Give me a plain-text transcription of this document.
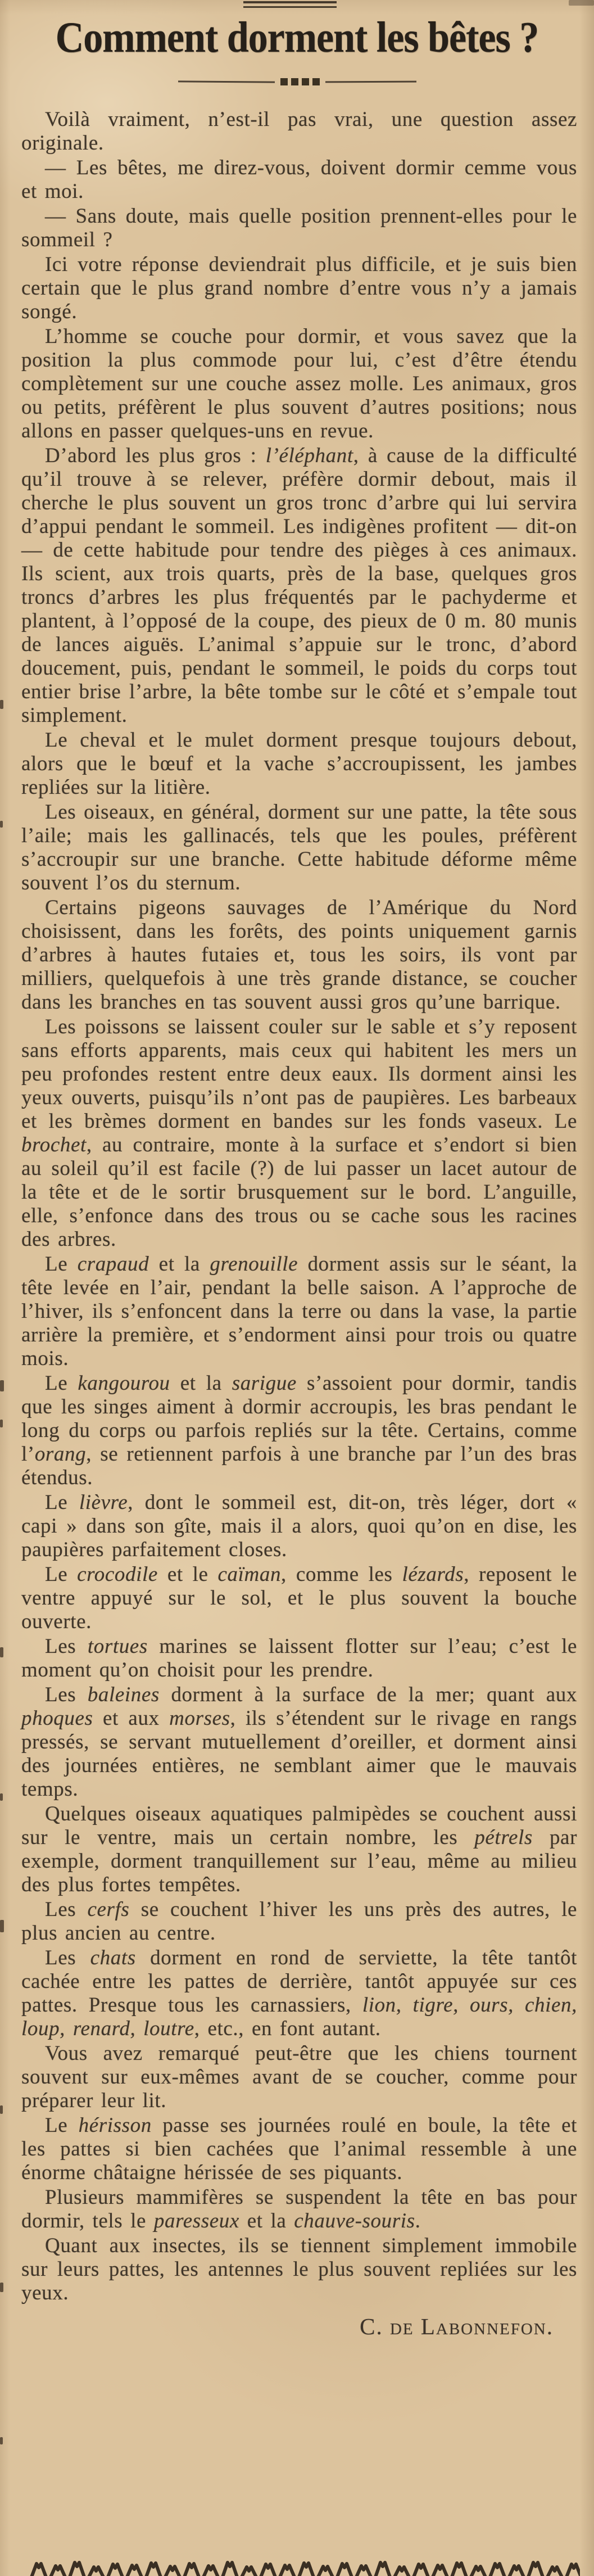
Comment dorment les bêtes ?

Voilà vraiment, n’est-il pas vrai, une question assez originale.

— Les bêtes, me direz-vous, doivent dormir cemme vous et moi.

— Sans doute, mais quelle position prennent-elles pour le sommeil ?

Ici votre réponse deviendrait plus difficile, et je suis bien certain que le plus grand nombre d’entre vous n’y a jamais songé.

L’homme se couche pour dormir, et vous savez que la position la plus commode pour lui, c’est d’être étendu complètement sur une couche assez molle. Les animaux, gros ou petits, préfèrent le plus souvent d’autres positions; nous allons en passer quelques-uns en revue.

D’abord les plus gros : l’éléphant, à cause de la difficulté qu’il trouve à se relever, préfère dormir debout, mais il cherche le plus souvent un gros tronc d’arbre qui lui servira d’appui pendant le sommeil. Les indigènes profitent — dit-on — de cette habitude pour tendre des pièges à ces animaux. Ils scient, aux trois quarts, près de la base, quelques gros troncs d’arbres les plus fréquentés par le pachyderme et plantent, à l’opposé de la coupe, des pieux de 0 m. 80 munis de lances aiguës. L’animal s’appuie sur le tronc, d’abord doucement, puis, pendant le sommeil, le poids du corps tout entier brise l’arbre, la bête tombe sur le côté et s’empale tout simplement.

Le cheval et le mulet dorment presque toujours debout, alors que le bœuf et la vache s’accroupissent, les jambes repliées sur la litière.

Les oiseaux, en général, dorment sur une patte, la tête sous l’aile; mais les gallinacés, tels que les poules, préfèrent s’accroupir sur une branche. Cette habitude déforme même souvent l’os du sternum.

Certains pigeons sauvages de l’Amérique du Nord choisissent, dans les forêts, des points uniquement garnis d’arbres à hautes futaies et, tous les soirs, ils vont par milliers, quelquefois à une très grande distance, se coucher dans les branches en tas souvent aussi gros qu’une barrique.

Les poissons se laissent couler sur le sable et s’y reposent sans efforts apparents, mais ceux qui habitent les mers un peu profondes restent entre deux eaux. Ils dorment ainsi les yeux ouverts, puisqu’ils n’ont pas de paupières. Les barbeaux et les brèmes dorment en bandes sur les fonds vaseux. Le brochet, au contraire, monte à la surface et s’endort si bien au soleil qu’il est facile (?) de lui passer un lacet autour de la tête et de le sortir brusquement sur le bord. L’anguille, elle, s’enfonce dans des trous ou se cache sous les racines des arbres.

Le crapaud et la grenouille dorment assis sur le séant, la tête levée en l’air, pendant la belle saison. A l’approche de l’hiver, ils s’enfoncent dans la terre ou dans la vase, la partie arrière la première, et s’endorment ainsi pour trois ou quatre mois.

Le kangourou et la sarigue s’assoient pour dormir, tandis que les singes aiment à dormir accroupis, les bras pendant le long du corps ou parfois repliés sur la tête. Certains, comme l’orang, se retiennent parfois à une branche par l’un des bras étendus.

Le lièvre, dont le sommeil est, dit-on, très léger, dort « capi » dans son gîte, mais il a alors, quoi qu’on en dise, les paupières parfaitement closes.

Le crocodile et le caïman, comme les lézards, reposent le ventre appuyé sur le sol, et le plus souvent la bouche ouverte.

Les tortues marines se laissent flotter sur l’eau; c’est le moment qu’on choisit pour les prendre.

Les baleines dorment à la surface de la mer; quant aux phoques et aux morses, ils s’étendent sur le rivage en rangs pressés, se servant mutuellement d’oreiller, et dorment ainsi des journées entières, ne semblant aimer que le mauvais temps.

Quelques oiseaux aquatiques palmipèdes se couchent aussi sur le ventre, mais un certain nombre, les pétrels par exemple, dorment tranquillement sur l’eau, même au milieu des plus fortes tempêtes.

Les cerfs se couchent l’hiver les uns près des autres, le plus ancien au centre.

Les chats dorment en rond de serviette, la tête tantôt cachée entre les pattes de derrière, tantôt appuyée sur ces pattes. Presque tous les carnassiers, lion, tigre, ours, chien, loup, renard, loutre, etc., en font autant.

Vous avez remarqué peut-être que les chiens tournent souvent sur eux-mêmes avant de se coucher, comme pour préparer leur lit.

Le hérisson passe ses journées roulé en boule, la tête et les pattes si bien cachées que l’animal ressemble à une énorme châtaigne hérissée de ses piquants.

Plusieurs mammifères se suspendent la tête en bas pour dormir, tels le paresseux et la chauve-souris.

Quant aux insectes, ils se tiennent simplement immobile sur leurs pattes, les antennes le plus souvent repliées sur les yeux.

C. de Labonnefon.
